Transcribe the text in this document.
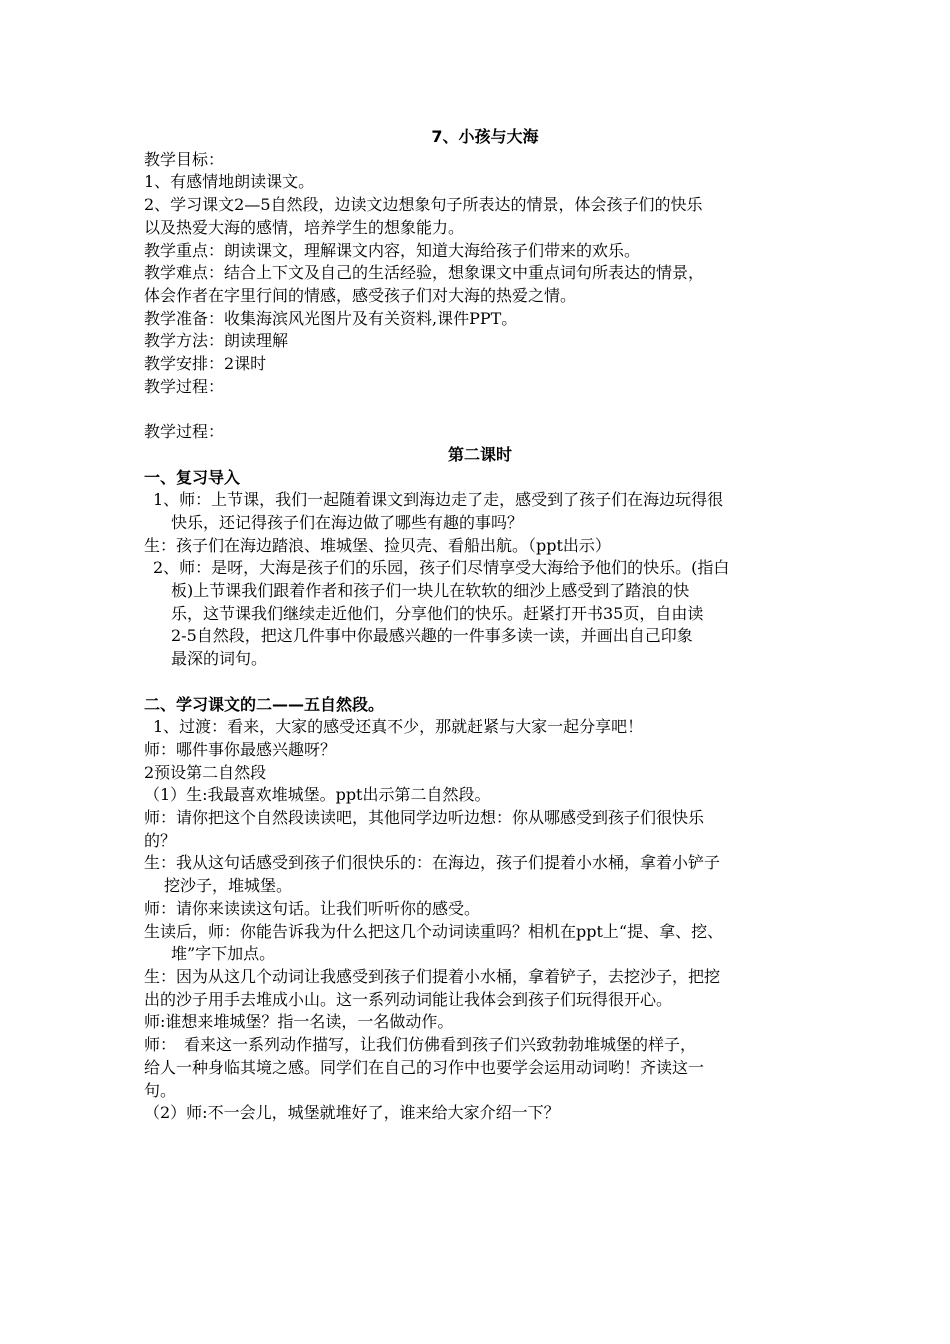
7、小孩与大海

教学目标：

1、有感情地朗读课文。

2、学习课文2—5自然段，边读文边想象句子所表达的情景，体会孩子们的快乐

以及热爱大海的感情，培养学生的想象能力。

教学重点：朗读课文，理解课文内容，知道大海给孩子们带来的欢乐。

教学难点：结合上下文及自己的生活经验，想象课文中重点词句所表达的情景，

体会作者在字里行间的情感，感受孩子们对大海的热爱之情。

教学准备：收集海滨风光图片及有关资料,课件PPT。

教学方法：朗读理解

教学安排：2课时

教学过程：

教学过程：

第二课时

一、复习导入

1、师：上节课，我们一起随着课文到海边走了走，感受到了孩子们在海边玩得很

快乐，还记得孩子们在海边做了哪些有趣的事吗？

生：孩子们在海边踏浪、堆城堡、捡贝壳、看船出航。（ppt出示）

2、师：是呀，大海是孩子们的乐园，孩子们尽情享受大海给予他们的快乐。(指白

板)上节课我们跟着作者和孩子们一块儿在软软的细沙上感受到了踏浪的快

乐，这节课我们继续走近他们，分享他们的快乐。赶紧打开书35页，自由读

2-5自然段，把这几件事中你最感兴趣的一件事多读一读，并画出自己印象

最深的词句。

二、学习课文的二——五自然段。

1、过渡：看来，大家的感受还真不少，那就赶紧与大家一起分享吧！

师：哪件事你最感兴趣呀？

2预设第二自然段

（1）生:我最喜欢堆城堡。ppt出示第二自然段。

师：请你把这个自然段读读吧，其他同学边听边想：你从哪感受到孩子们很快乐

的？

生：我从这句话感受到孩子们很快乐的：在海边，孩子们提着小水桶，拿着小铲子

挖沙子，堆城堡。

师：请你来读读这句话。让我们听听你的感受。

生读后，师：你能告诉我为什么把这几个动词读重吗？相机在ppt上“提、拿、挖、

堆”字下加点。

生：因为从这几个动词让我感受到孩子们提着小水桶，拿着铲子，去挖沙子，把挖

出的沙子用手去堆成小山。这一系列动词能让我体会到孩子们玩得很开心。

师:谁想来堆城堡？指一名读，一名做动作。

师：　看来这一系列动作描写，让我们仿佛看到孩子们兴致勃勃堆城堡的样子，

给人一种身临其境之感。同学们在自己的习作中也要学会运用动词哟！齐读这一

句。

（2）师:不一会儿，城堡就堆好了，谁来给大家介绍一下？
